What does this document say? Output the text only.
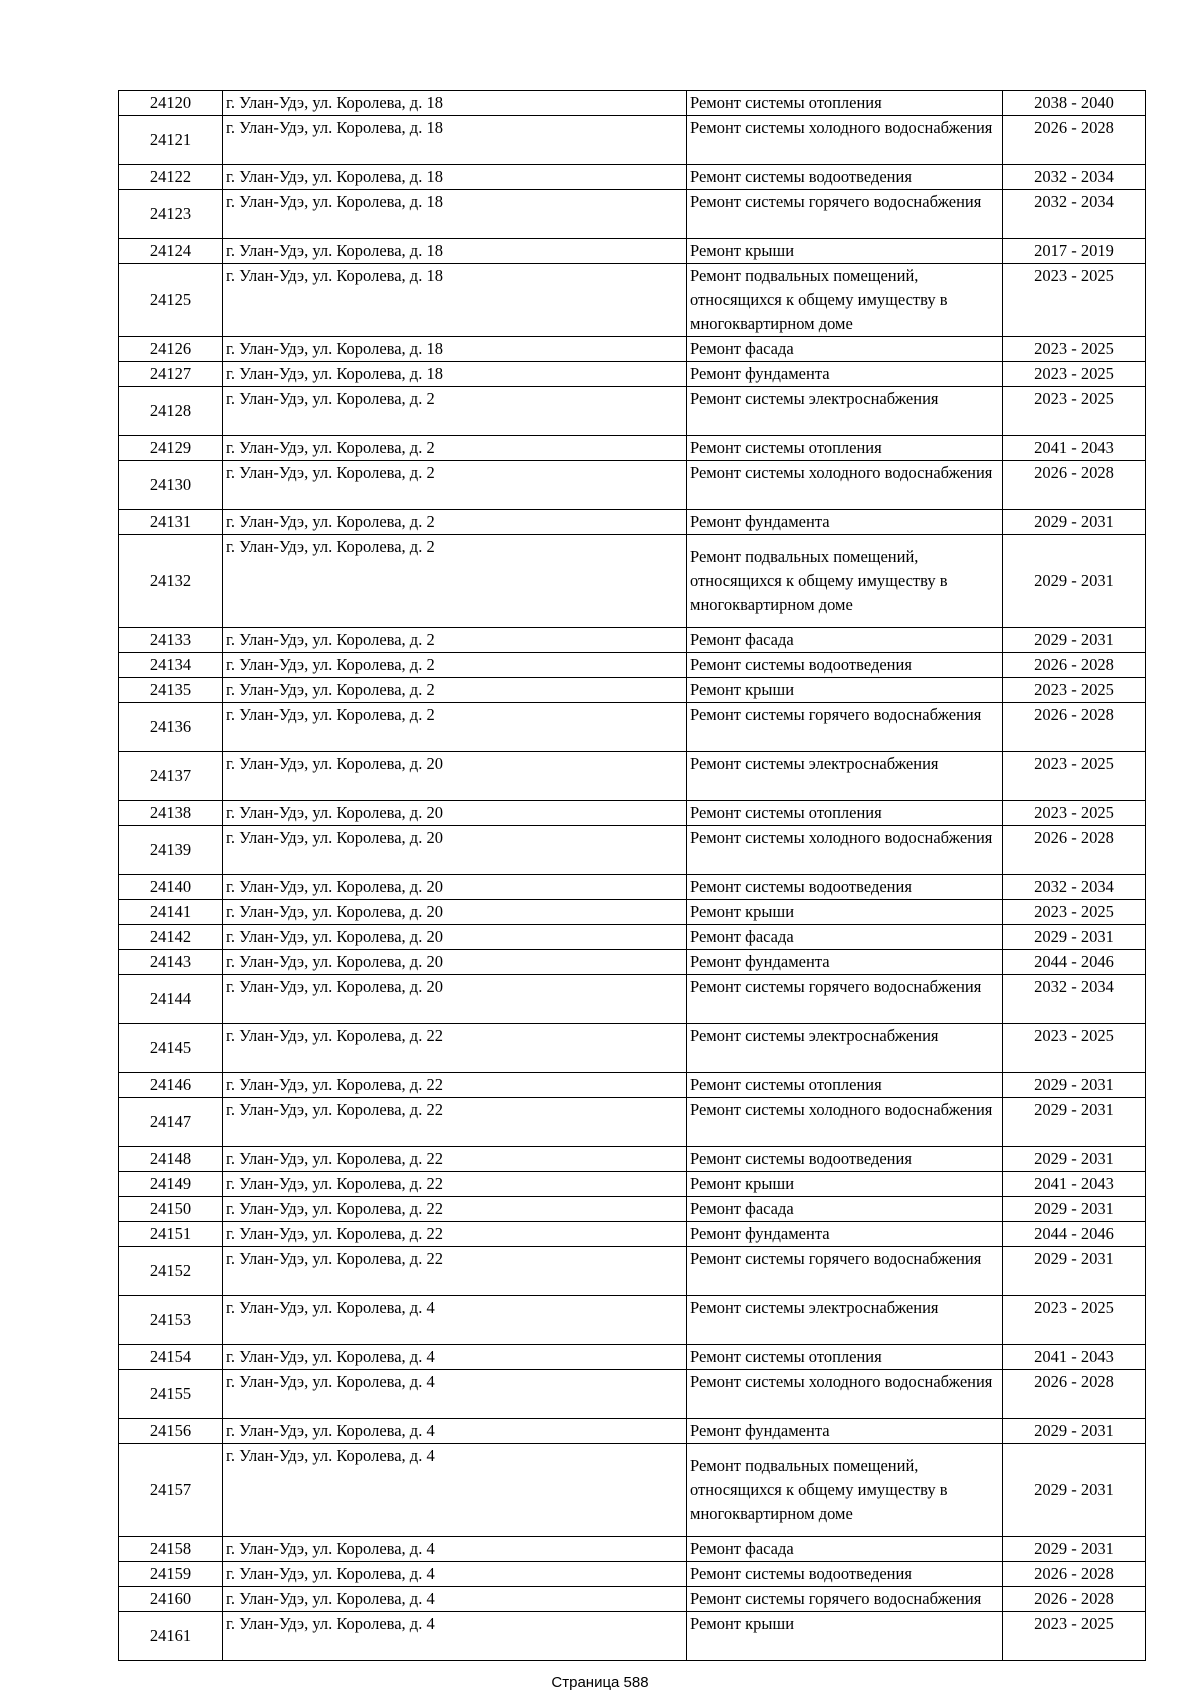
24120	г. Улан-Удэ, ул. Королева, д. 18	Ремонт системы отопления	2038 - 2040
24121	г. Улан-Удэ, ул. Королева, д. 18	Ремонт системы холодного водоснабжения	2026 - 2028
24122	г. Улан-Удэ, ул. Королева, д. 18	Ремонт системы водоотведения	2032 - 2034
24123	г. Улан-Удэ, ул. Королева, д. 18	Ремонт системы горячего водоснабжения	2032 - 2034
24124	г. Улан-Удэ, ул. Королева, д. 18	Ремонт крыши	2017 - 2019
24125	г. Улан-Удэ, ул. Королева, д. 18	Ремонт подвальных помещений, относящихся к общему имуществу в многоквартирном доме	2023 - 2025
24126	г. Улан-Удэ, ул. Королева, д. 18	Ремонт фасада	2023 - 2025
24127	г. Улан-Удэ, ул. Королева, д. 18	Ремонт фундамента	2023 - 2025
24128	г. Улан-Удэ, ул. Королева, д. 2	Ремонт системы электроснабжения	2023 - 2025
24129	г. Улан-Удэ, ул. Королева, д. 2	Ремонт системы отопления	2041 - 2043
24130	г. Улан-Удэ, ул. Королева, д. 2	Ремонт системы холодного водоснабжения	2026 - 2028
24131	г. Улан-Удэ, ул. Королева, д. 2	Ремонт фундамента	2029 - 2031
24132	г. Улан-Удэ, ул. Королева, д. 2	Ремонт подвальных помещений, относящихся к общему имуществу в многоквартирном доме	2029 - 2031
24133	г. Улан-Удэ, ул. Королева, д. 2	Ремонт фасада	2029 - 2031
24134	г. Улан-Удэ, ул. Королева, д. 2	Ремонт системы водоотведения	2026 - 2028
24135	г. Улан-Удэ, ул. Королева, д. 2	Ремонт крыши	2023 - 2025
24136	г. Улан-Удэ, ул. Королева, д. 2	Ремонт системы горячего водоснабжения	2026 - 2028
24137	г. Улан-Удэ, ул. Королева, д. 20	Ремонт системы электроснабжения	2023 - 2025
24138	г. Улан-Удэ, ул. Королева, д. 20	Ремонт системы отопления	2023 - 2025
24139	г. Улан-Удэ, ул. Королева, д. 20	Ремонт системы холодного водоснабжения	2026 - 2028
24140	г. Улан-Удэ, ул. Королева, д. 20	Ремонт системы водоотведения	2032 - 2034
24141	г. Улан-Удэ, ул. Королева, д. 20	Ремонт крыши	2023 - 2025
24142	г. Улан-Удэ, ул. Королева, д. 20	Ремонт фасада	2029 - 2031
24143	г. Улан-Удэ, ул. Королева, д. 20	Ремонт фундамента	2044 - 2046
24144	г. Улан-Удэ, ул. Королева, д. 20	Ремонт системы горячего водоснабжения	2032 - 2034
24145	г. Улан-Удэ, ул. Королева, д. 22	Ремонт системы электроснабжения	2023 - 2025
24146	г. Улан-Удэ, ул. Королева, д. 22	Ремонт системы отопления	2029 - 2031
24147	г. Улан-Удэ, ул. Королева, д. 22	Ремонт системы холодного водоснабжения	2029 - 2031
24148	г. Улан-Удэ, ул. Королева, д. 22	Ремонт системы водоотведения	2029 - 2031
24149	г. Улан-Удэ, ул. Королева, д. 22	Ремонт крыши	2041 - 2043
24150	г. Улан-Удэ, ул. Королева, д. 22	Ремонт фасада	2029 - 2031
24151	г. Улан-Удэ, ул. Королева, д. 22	Ремонт фундамента	2044 - 2046
24152	г. Улан-Удэ, ул. Королева, д. 22	Ремонт системы горячего водоснабжения	2029 - 2031
24153	г. Улан-Удэ, ул. Королева, д. 4	Ремонт системы электроснабжения	2023 - 2025
24154	г. Улан-Удэ, ул. Королева, д. 4	Ремонт системы отопления	2041 - 2043
24155	г. Улан-Удэ, ул. Королева, д. 4	Ремонт системы холодного водоснабжения	2026 - 2028
24156	г. Улан-Удэ, ул. Королева, д. 4	Ремонт фундамента	2029 - 2031
24157	г. Улан-Удэ, ул. Королева, д. 4	Ремонт подвальных помещений, относящихся к общему имуществу в многоквартирном доме	2029 - 2031
24158	г. Улан-Удэ, ул. Королева, д. 4	Ремонт фасада	2029 - 2031
24159	г. Улан-Удэ, ул. Королева, д. 4	Ремонт системы водоотведения	2026 - 2028
24160	г. Улан-Удэ, ул. Королева, д. 4	Ремонт системы горячего водоснабжения	2026 - 2028
24161	г. Улан-Удэ, ул. Королева, д. 4	Ремонт крыши	2023 - 2025
Страница 588
